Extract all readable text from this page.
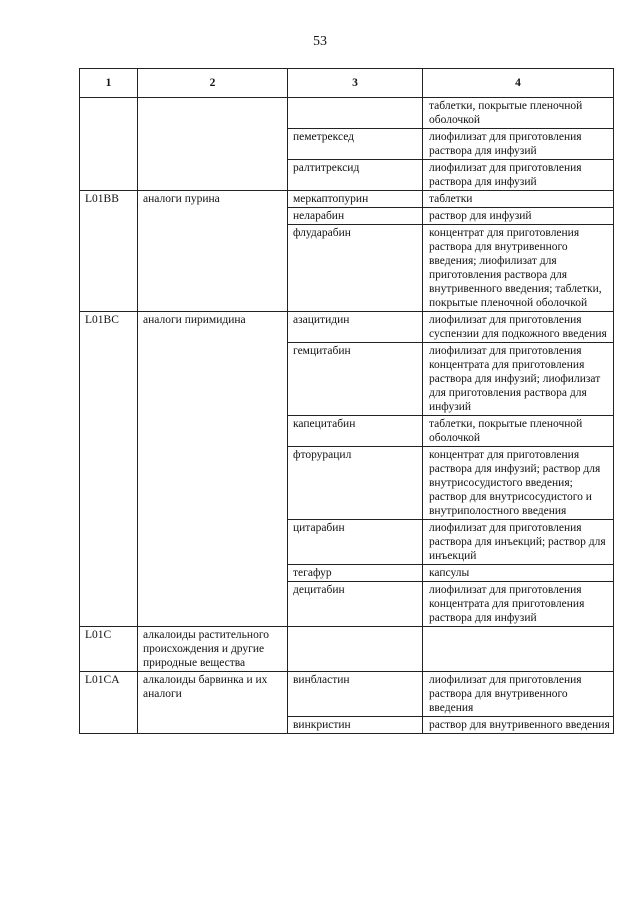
53
1	2	3	4
			таблетки, покрытые пленочной оболочкой
		пеметрексед	лиофилизат для приготовления раствора для инфузий
		ралтитрексид	лиофилизат для приготовления раствора для инфузий
L01BB	аналоги пурина	меркаптопурин	таблетки
		неларабин	раствор для инфузий
		флударабин	концентрат для приготовления раствора для внутривенного введения; лиофилизат для приготовления раствора для внутривенного введения; таблетки, покрытые пленочной оболочкой
L01BC	аналоги пиримидина	азацитидин	лиофилизат для приготовления суспензии для подкожного введения
		гемцитабин	лиофилизат для приготовления концентрата для приготовления раствора для инфузий; лиофилизат для приготовления раствора для инфузий
		капецитабин	таблетки, покрытые пленочной оболочкой
		фторурацил	концентрат для приготовления раствора для инфузий; раствор для внутрисосудистого введения; раствор для внутрисосудистого и внутриполостного введения
		цитарабин	лиофилизат для приготовления раствора для инъекций; раствор для инъекций
		тегафур	капсулы
		децитабин	лиофилизат для приготовления концентрата для приготовления раствора для инфузий
L01C	алкалоиды растительного происхождения и другие природные вещества		
L01CA	алкалоиды барвинка и их аналоги	винбластин	лиофилизат для приготовления раствора для внутривенного введения
		винкристин	раствор для внутривенного введения
